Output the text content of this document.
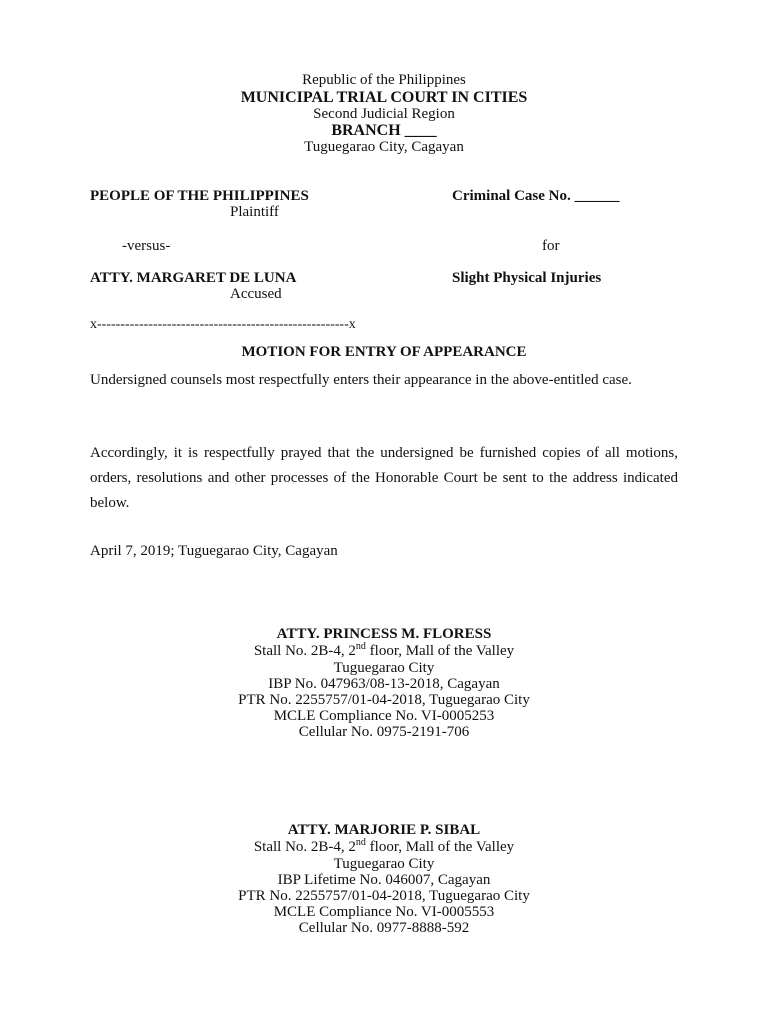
Republic of the Philippines
MUNICIPAL TRIAL COURT IN CITIES
Second Judicial Region
BRANCH ____
Tuguegarao City, Cagayan
PEOPLE OF THE PHILIPPINES
Plaintiff
Criminal Case No. ______
-versus-	for
ATTY. MARGARET DE LUNA
Accused
Slight Physical Injuries
x------------------------------------------------------x
MOTION FOR ENTRY OF APPEARANCE
Undersigned counsels most respectfully enters their appearance in the above-entitled case.
Accordingly, it is respectfully prayed that the undersigned be furnished copies of all motions, orders, resolutions and other processes of the Honorable Court be sent to the address indicated below.
April 7, 2019; Tuguegarao City, Cagayan
ATTY. PRINCESS M. FLORESS
Stall No. 2B-4, 2nd floor, Mall of the Valley
Tuguegarao City
IBP No. 047963/08-13-2018, Cagayan
PTR No. 2255757/01-04-2018, Tuguegarao City
MCLE Compliance No. VI-0005253
Cellular No. 0975-2191-706
ATTY. MARJORIE P. SIBAL
Stall No. 2B-4, 2nd floor, Mall of the Valley
Tuguegarao City
IBP Lifetime No. 046007, Cagayan
PTR No. 2255757/01-04-2018, Tuguegarao City
MCLE Compliance No. VI-0005553
Cellular No. 0977-8888-592
